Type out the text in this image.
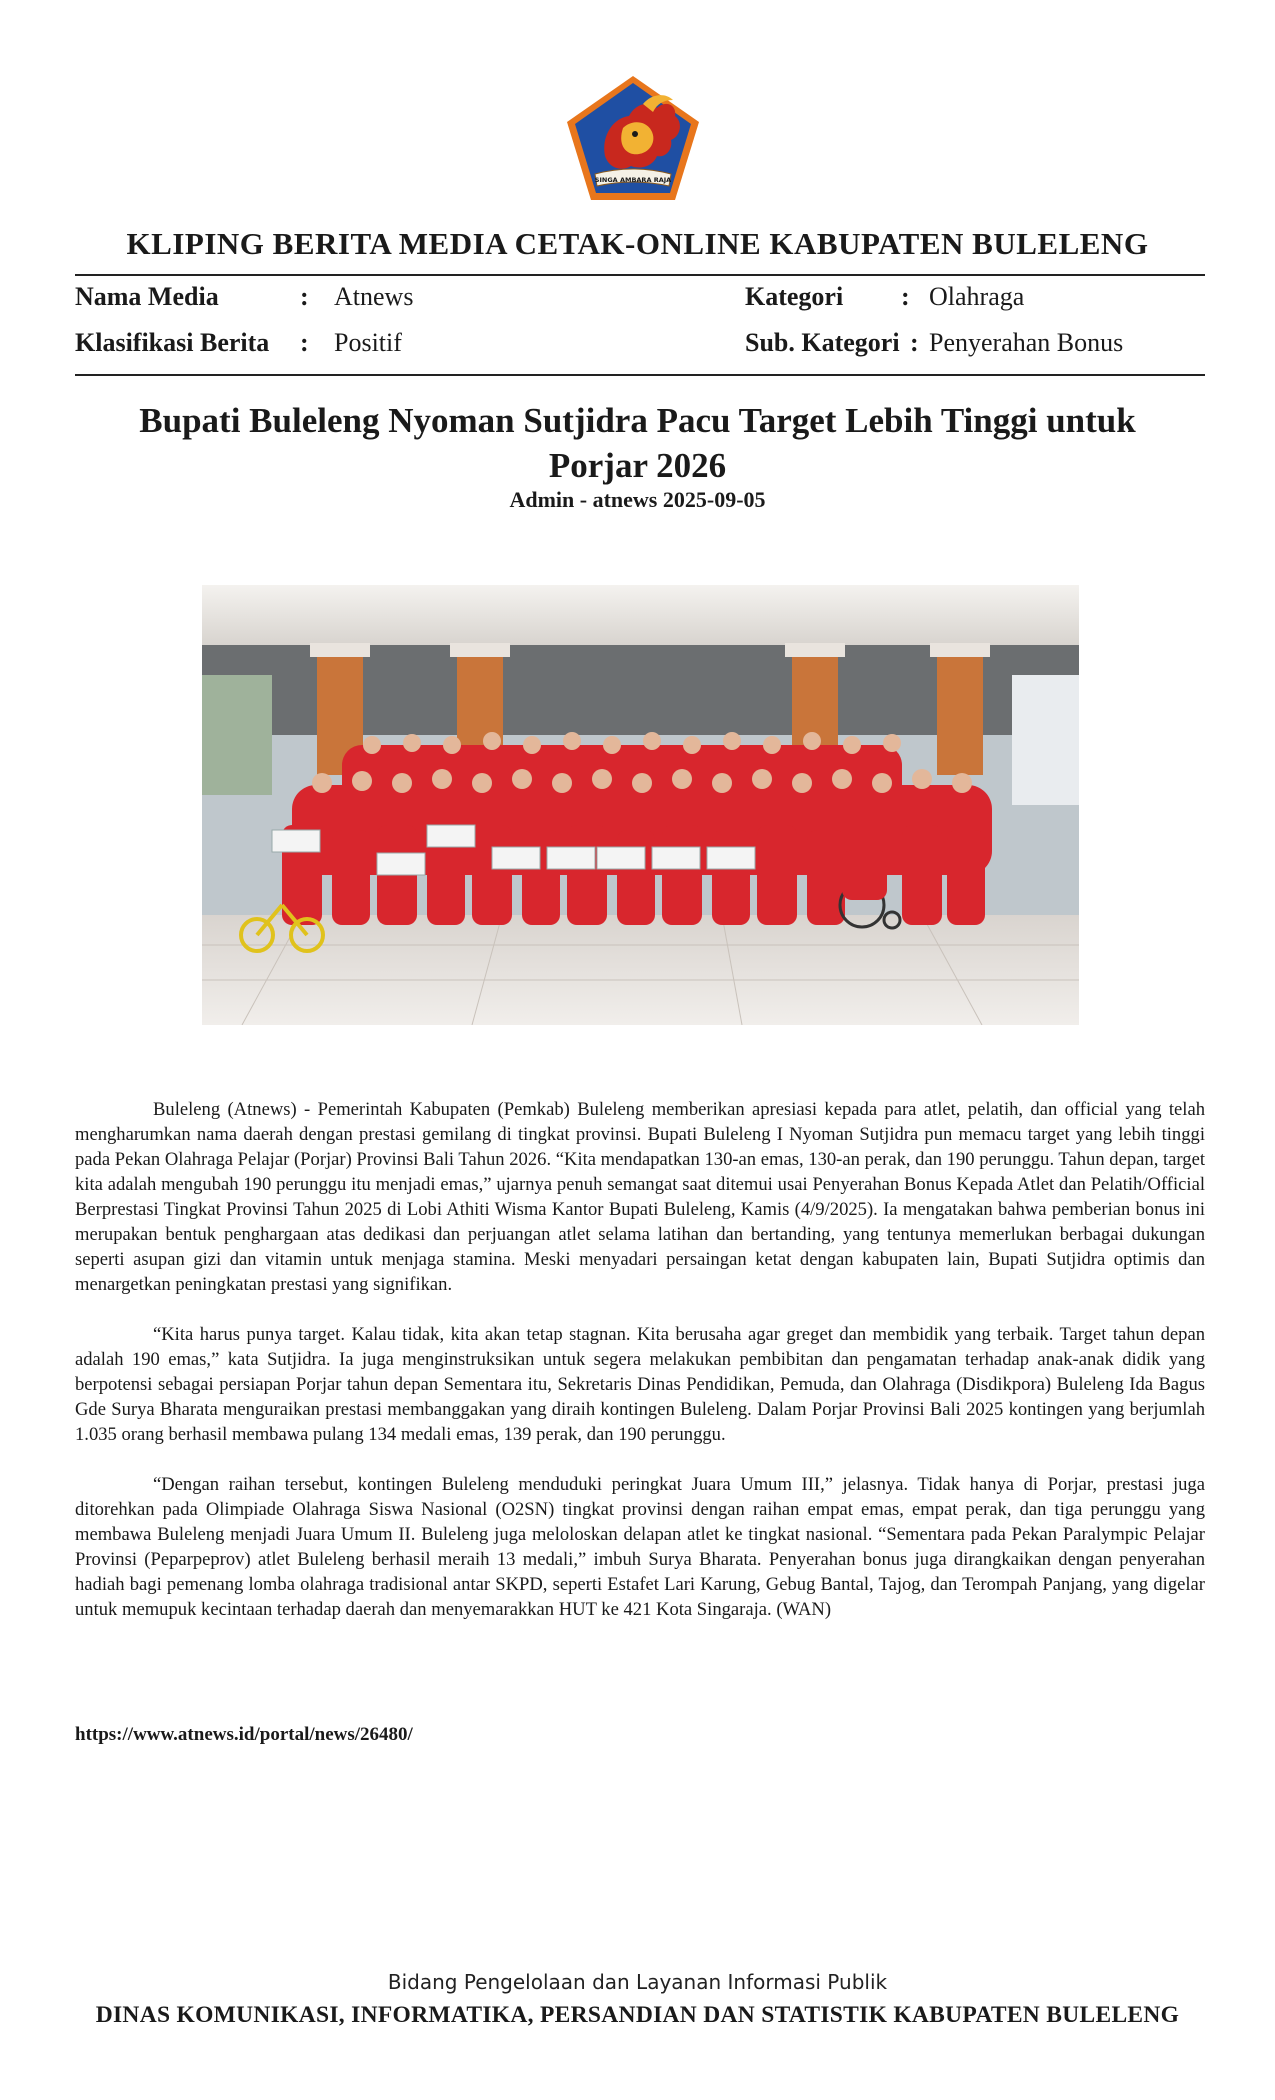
SINGA AMBARA RAJA
KLIPING BERITA MEDIA CETAK-ONLINE KABUPATEN BULELENG
Nama Media	: Atnews
Klasifikasi Berita : Positif
Kategori : Olahraga
Sub. Kategori : Penyerahan Bonus
Bupati Buleleng Nyoman Sutjidra Pacu Target Lebih Tinggi untuk Porjar 2026
Admin - atnews 2025-09-05

Buleleng (Atnews) - Pemerintah Kabupaten (Pemkab) Buleleng memberikan apresiasi kepada para atlet, pelatih, dan official yang telah mengharumkan nama daerah dengan prestasi gemilang di tingkat provinsi. Bupati Buleleng I Nyoman Sutjidra pun memacu target yang lebih tinggi pada Pekan Olahraga Pelajar (Porjar) Provinsi Bali Tahun 2026. “Kita mendapatkan 130-an emas, 130-an perak, dan 190 perunggu. Tahun depan, target kita adalah mengubah 190 perunggu itu menjadi emas,” ujarnya penuh semangat saat ditemui usai Penyerahan Bonus Kepada Atlet dan Pelatih/Official Berprestasi Tingkat Provinsi Tahun 2025 di Lobi Athiti Wisma Kantor Bupati Buleleng, Kamis (4/9/2025). Ia mengatakan bahwa pemberian bonus ini merupakan bentuk penghargaan atas dedikasi dan perjuangan atlet selama latihan dan bertanding, yang tentunya memerlukan berbagai dukungan seperti asupan gizi dan vitamin untuk menjaga stamina. Meski menyadari persaingan ketat dengan kabupaten lain, Bupati Sutjidra optimis dan menargetkan peningkatan prestasi yang signifikan.

“Kita harus punya target. Kalau tidak, kita akan tetap stagnan. Kita berusaha agar greget dan membidik yang terbaik. Target tahun depan adalah 190 emas,” kata Sutjidra. Ia juga menginstruksikan untuk segera melakukan pembibitan dan pengamatan terhadap anak-anak didik yang berpotensi sebagai persiapan Porjar tahun depan Sementara itu, Sekretaris Dinas Pendidikan, Pemuda, dan Olahraga (Disdikpora) Buleleng Ida Bagus Gde Surya Bharata menguraikan prestasi membanggakan yang diraih kontingen Buleleng. Dalam Porjar Provinsi Bali 2025 kontingen yang berjumlah 1.035 orang berhasil membawa pulang 134 medali emas, 139 perak, dan 190 perunggu.

“Dengan raihan tersebut, kontingen Buleleng menduduki peringkat Juara Umum III,” jelasnya. Tidak hanya di Porjar, prestasi juga ditorehkan pada Olimpiade Olahraga Siswa Nasional (O2SN) tingkat provinsi dengan raihan empat emas, empat perak, dan tiga perunggu yang membawa Buleleng menjadi Juara Umum II. Buleleng juga meloloskan delapan atlet ke tingkat nasional. “Sementara pada Pekan Paralympic Pelajar Provinsi (Peparpeprov) atlet Buleleng berhasil meraih 13 medali,” imbuh Surya Bharata. Penyerahan bonus juga dirangkaikan dengan penyerahan hadiah bagi pemenang lomba olahraga tradisional antar SKPD, seperti Estafet Lari Karung, Gebug Bantal, Tajog, dan Terompah Panjang, yang digelar untuk memupuk kecintaan terhadap daerah dan menyemarakkan HUT ke 421 Kota Singaraja. (WAN)

https://www.atnews.id/portal/news/26480/
Bidang Pengelolaan dan Layanan Informasi Publik
DINAS KOMUNIKASI, INFORMATIKA, PERSANDIAN DAN STATISTIK KABUPATEN BULELENG
